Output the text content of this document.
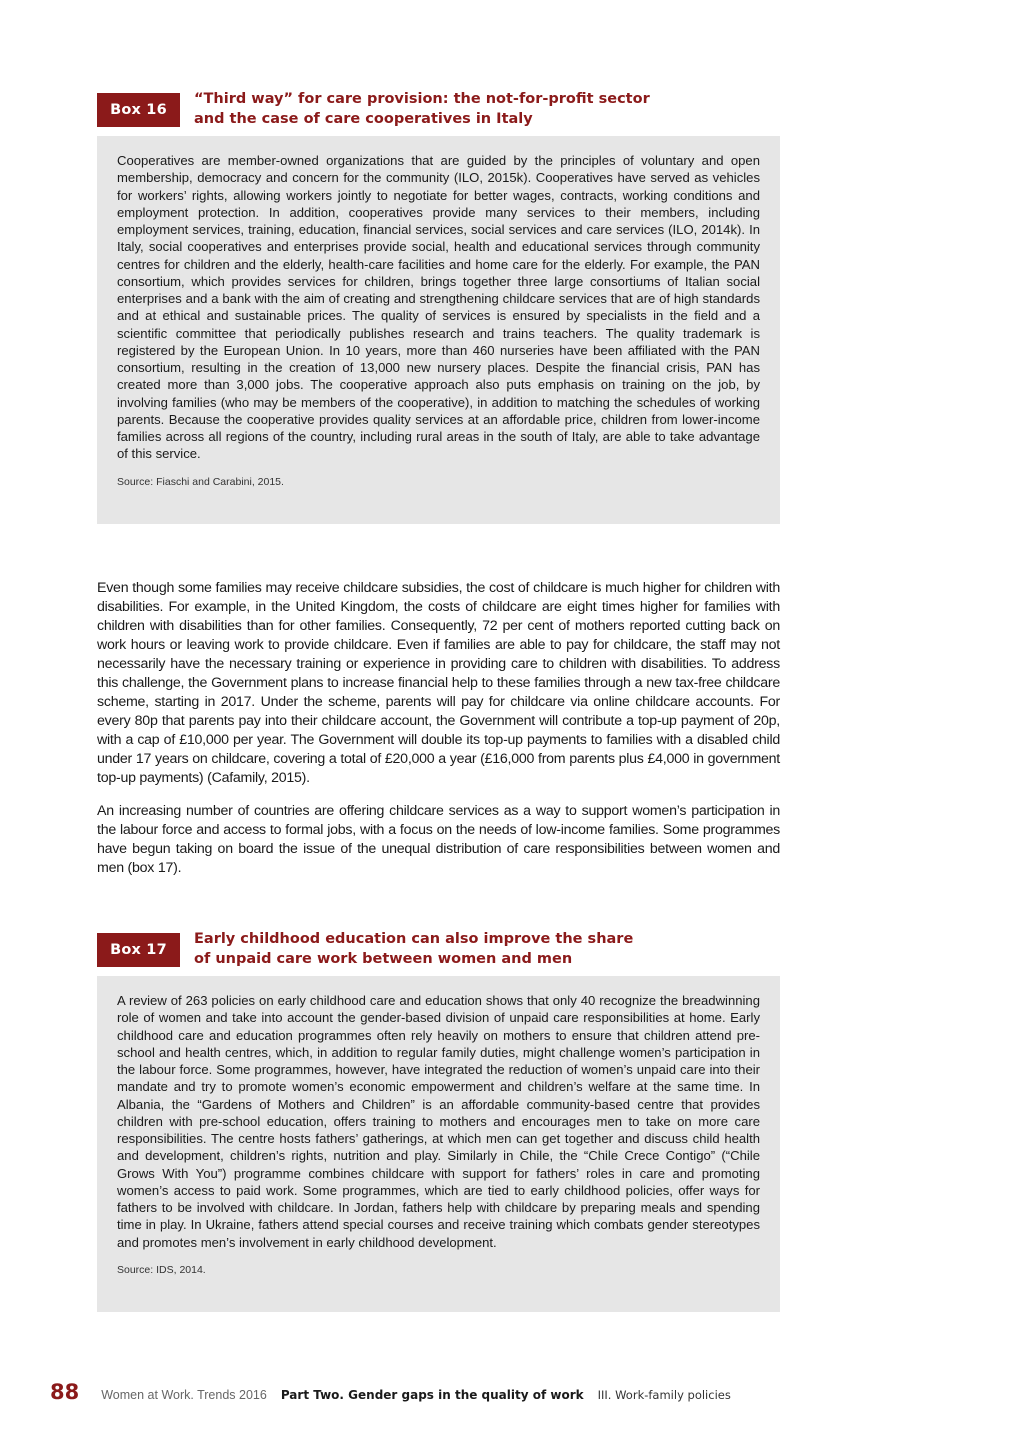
Box 16
“Third way” for care provision: the not-for-profit sector
and the case of care cooperatives in Italy

Cooperatives are member-owned organizations that are guided by the principles of voluntary and open membership, democracy and concern for the community (ILO, 2015k). Cooperatives have served as vehicles for workers’ rights, allowing workers jointly to negotiate for better wages, contracts, working conditions and employment protection. In addition, cooperatives provide many services to their members, including employment services, training, education, financial services, social services and care services (ILO, 2014k). In Italy, social cooperatives and enterprises provide social, health and educational services through community centres for children and the elderly, health-care facilities and home care for the elderly. For example, the PAN consortium, which provides services for children, brings together three large consortiums of Italian social enterprises and a bank with the aim of creating and strengthening childcare services that are of high standards and at ethical and sustainable prices. The quality of services is ensured by specialists in the field and a scientific committee that periodically publishes research and trains teachers. The quality trademark is registered by the European Union. In 10 years, more than 460 nurseries have been affiliated with the PAN consortium, resulting in the creation of 13,000 new nursery places. Despite the financial crisis, PAN has created more than 3,000 jobs. The cooperative approach also puts emphasis on training on the job, by involving families (who may be members of the cooperative), in addition to matching the schedules of working parents. Because the cooperative provides quality services at an affordable price, children from lower-income families across all regions of the country, including rural areas in the south of Italy, are able to take advantage of this service.

Source: Fiaschi and Carabini, 2015.

Even though some families may receive childcare subsidies, the cost of childcare is much higher for children with disabilities. For example, in the United Kingdom, the costs of childcare are eight times higher for families with children with disabilities than for other families. Consequently, 72 per cent of mothers reported cutting back on work hours or leaving work to provide childcare. Even if families are able to pay for childcare, the staff may not necessarily have the necessary training or experience in providing care to children with disabilities. To address this challenge, the Government plans to increase financial help to these families through a new tax-free childcare scheme, starting in 2017. Under the scheme, parents will pay for childcare via online childcare accounts. For every 80p that parents pay into their childcare account, the Government will contribute a top-up payment of 20p, with a cap of £10,000 per year. The Government will double its top-up payments to families with a disabled child under 17 years on childcare, covering a total of £20,000 a year (£16,000 from parents plus £4,000 in government top-up payments) (Cafamily, 2015).

An increasing number of countries are offering childcare services as a way to support women’s participation in the labour force and access to formal jobs, with a focus on the needs of low-income families. Some programmes have begun taking on board the issue of the unequal distribution of care responsibilities between women and men (box 17).

Box 17
Early childhood education can also improve the share
of unpaid care work between women and men

A review of 263 policies on early childhood care and education shows that only 40 recognize the breadwinning role of women and take into account the gender-based division of unpaid care responsibilities at home. Early childhood care and education programmes often rely heavily on mothers to ensure that children attend pre-school and health centres, which, in addition to regular family duties, might challenge women’s participation in the labour force. Some programmes, however, have integrated the reduction of women’s unpaid care into their mandate and try to promote women’s economic empowerment and children’s welfare at the same time. In Albania, the “Gardens of Mothers and Children” is an affordable community-based centre that provides children with pre-school education, offers training to mothers and encourages men to take on more care responsibilities. The centre hosts fathers’ gatherings, at which men can get together and discuss child health and development, children’s rights, nutrition and play. Similarly in Chile, the “Chile Crece Contigo” (“Chile Grows With You”) programme combines childcare with support for fathers’ roles in care and promoting women’s access to paid work. Some programmes, which are tied to early childhood policies, offer ways for fathers to be involved with childcare. In Jordan, fathers help with childcare by preparing meals and spending time in play. In Ukraine, fathers attend special courses and receive training which combats gender stereotypes and promotes men’s involvement in early childhood development.

Source: IDS, 2014.

88 Women at Work. Trends 2016 Part Two. Gender gaps in the quality of work III. Work-family policies
